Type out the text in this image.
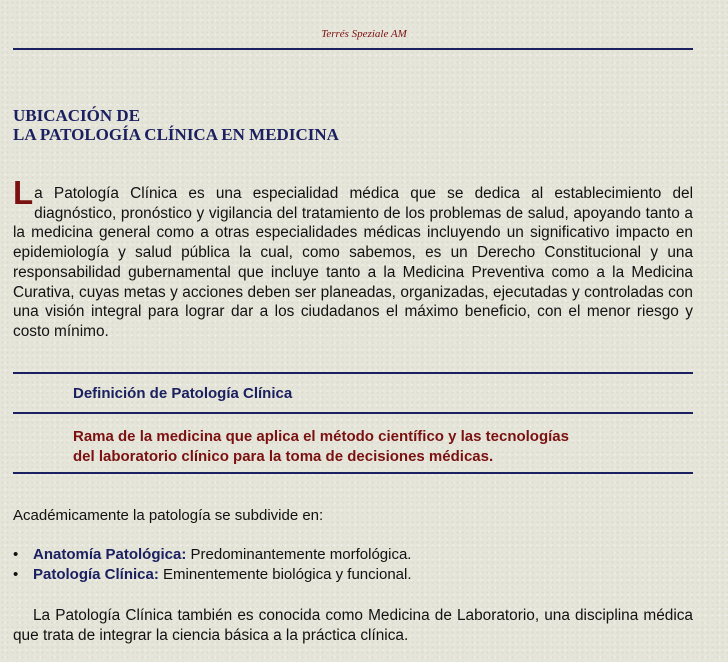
Terrés Speziale AM
UBICACIÓN DE
LA PATOLOGÍA CLÍNICA EN MEDICINA

La Patología Clínica es una especialidad médica que se dedica al establecimiento del diagnóstico, pronóstico y vigilancia del tratamiento de los problemas de salud, apoyando tanto a la medicina general como a otras especialidades médicas incluyendo un significativo impacto en epidemiología y salud pública la cual, como sabemos, es un Derecho Constitucional y una responsabilidad gubernamental que incluye tanto a la Medicina Preventiva como a la Medicina Curativa, cuyas metas y acciones deben ser planeadas, organizadas, ejecutadas y controladas con una visión integral para lograr dar a los ciudadanos el máximo beneficio, con el menor riesgo y costo mínimo.

Definición de Patología Clínica
Rama de la medicina que aplica el método científico y las tecnologías
del laboratorio clínico para la toma de decisiones médicas.
Académicamente la patología se subdivide en:
• Anatomía Patológica: Predominantemente morfológica.
• Patología Clínica: Eminentemente biológica y funcional.

La Patología Clínica también es conocida como Medicina de Laboratorio, una disciplina médica que trata de integrar la ciencia básica a la práctica clínica.
